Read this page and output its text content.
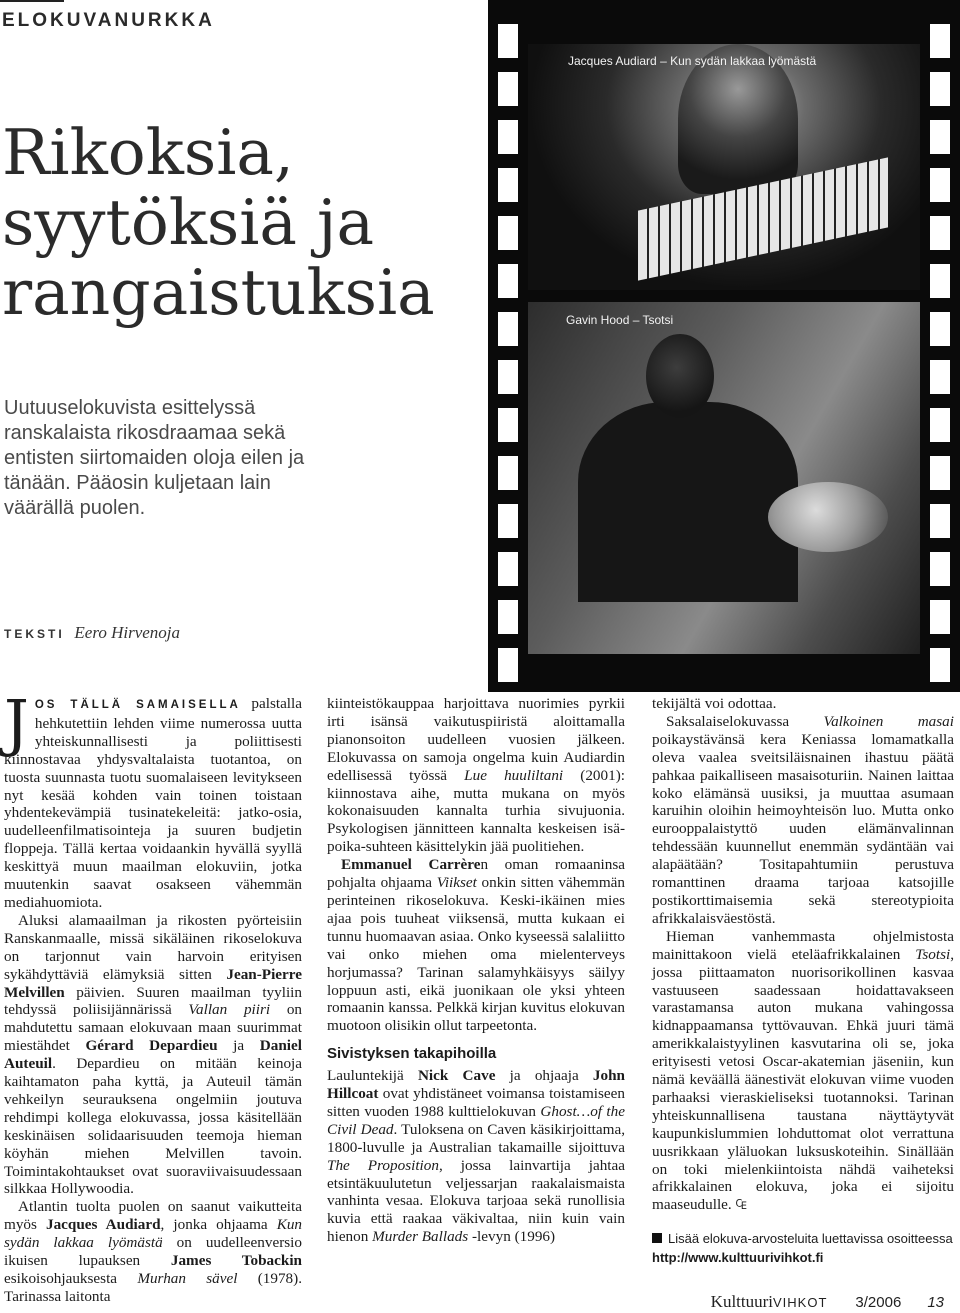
ELOKUVANURKKA
Rikoksia,
syytöksiä ja
rangaistuksia
Uutuuselokuvista esittelyssä ranskalaista rikosdraamaa sekä entisten siirtomaiden oloja eilen ja tänään. Pääosin kuljetaan lain väärällä puolen.
TEKSTI Eero Hirvenoja
Jacques Audiard – Kun sydän lakkaa lyömästä
Gavin Hood – Tsotsi

JOS TÄLLÄ SAMAISELLA palstalla hehkutettiin lehden viime numerossa uutta yhteiskunnallisesti ja poliittisesti kiinnostavaa yhdysvaltalaista tuotantoa, on tuosta suunnasta tuotu suomalaiseen levitykseen nyt kesää kohden vain toinen toistaan yhdentekevämpiä tusinatekeleitä: jatko-osia, uudelleenfilmatisointeja ja suuren budjetin floppeja. Tällä kertaa voidaankin hyvällä syyllä keskittyä muun maailman elokuviin, jotka muutenkin saavat osakseen vähemmän mediahuomiota.

Aluksi alamaailman ja rikosten pyörteisiin Ranskanmaalle, missä sikäläinen rikoselokuva on tarjonnut vain harvoin erityisen sykähdyttäviä elämyksiä sitten Jean-Pierre Melvillen päivien. Suuren maailman tyyliin tehdyssä poliisijännärissä Vallan piiri on mahdutettu samaan elokuvaan maan suurimmat miestähdet Gérard Depardieu ja Daniel Auteuil. Depardieu on mitään keinoja kaihtamaton paha kyttä, ja Auteuil tämän vehkeilyn seurauksena ongelmiin joutuva rehdimpi kollega elokuvassa, jossa käsitellään keskinäisen solidaarisuuden teemoja hieman köyhän miehen Melvillen tavoin. Toimintakohtaukset ovat suoraviivaisuudessaan silkkaa Hollywoodia.

Atlantin tuolta puolen on saanut vaikutteita myös Jacques Audiard, jonka ohjaama Kun sydän lakkaa lyömästä on uudelleenversio ikuisen lupauksen James Tobackin esikoisohjauksesta Murhan sävel (1978). Tarinassa laitonta

kiinteistökauppaa harjoittava nuorimies pyrkii irti isänsä vaikutuspiiristä aloittamalla pianonsoiton uudelleen vuosien jälkeen. Elokuvassa on samoja ongelma kuin Audiardin edellisessä työssä Lue huuliltani (2001): kiinnostava aihe, mutta mukana on myös kokonaisuuden kannalta turhia sivujuonia. Psykologisen jännitteen kannalta keskeisen isä-poika-suhteen käsittelykin jää puolitiehen.

Emmanuel Carrèren oman romaaninsa pohjalta ohjaama Viikset onkin sitten vähemmän perinteinen rikoselokuva. Keski-ikäinen mies ajaa pois tuuheat viiksensä, mutta kukaan ei tunnu huomaavan asiaa. Onko kyseessä salaliitto vai onko miehen oma mielenterveys horjumassa? Tarinan salamyhkäisyys säilyy loppuun asti, eikä juonikaan ole yksi yhteen romaanin kanssa. Pelkkä kirjan kuvitus elokuvan muotoon olisikin ollut tarpeetonta.

Sivistyksen takapihoilla

Lauluntekijä Nick Cave ja ohjaaja John Hillcoat ovat yhdistäneet voimansa toistamiseen sitten vuoden 1988 kulttielokuvan Ghost…of the Civil Dead. Tuloksena on Caven käsikirjoittama, 1800-luvulle ja Australian takamaille sijoittuva The Proposition, jossa lainvartija jahtaa etsintäkuulutetun veljessarjan raakalaismaista vanhinta vesaa. Elokuva tarjoaa sekä runollisia kuvia että raakaa väkivaltaa, niin kuin vain hienon Murder Ballads -levyn (1996)

tekijältä voi odottaa.

Saksalaiselokuvassa Valkoinen masai poikaystävänsä kera Keniassa lomamatkalla oleva vaalea sveitsiläisnainen ihastuu päätä pahkaa paikalliseen masaisoturiin. Nainen laittaa koko elämänsä uusiksi, ja muuttaa asumaan karuihin oloihin heimoyhteisön luo. Mutta onko eurooppalaistyttö uuden elämänvalinnan tehdessään kuunnellut enemmän sydäntään vai alapäätään? Tositapahtumiin perustuva romanttinen draama tarjoaa katsojille postikorttimaisemia sekä stereotypioita afrikkalaisväestöstä.

Hieman vanhemmasta ohjelmistosta mainittakoon vielä eteläafrikkalainen Tsotsi, jossa piittaamaton nuorisorikollinen kasvaa vastuuseen saadessaan hoidattavakseen varastamansa auton mukana vahingossa kidnappaamansa tyttövauvan. Ehkä juuri tämä amerikkalaistyylinen kasvutarina oli se, joka erityisesti vetosi Oscar-akatemian jäseniin, kun nämä keväällä äänestivät elokuvan viime vuoden parhaaksi vieraskieliseksi tuotannoksi. Tarinan yhteiskunnallisena taustana näyttäytyvät kaupunkislummien lohduttomat olot verrattuna uusrikkaan yläluokan luksuskoteihin. Sinällään on toki mielenkiintoista nähdä vaiheteksi afrikkalainen elokuva, joka ei sijoitu maaseudulle. ₠

Lisää elokuva-arvosteluita luettavissa osoitteessa
http://www.kulttuurivihkot.fi
KulttuuriVIHKOT 3/2006 13
